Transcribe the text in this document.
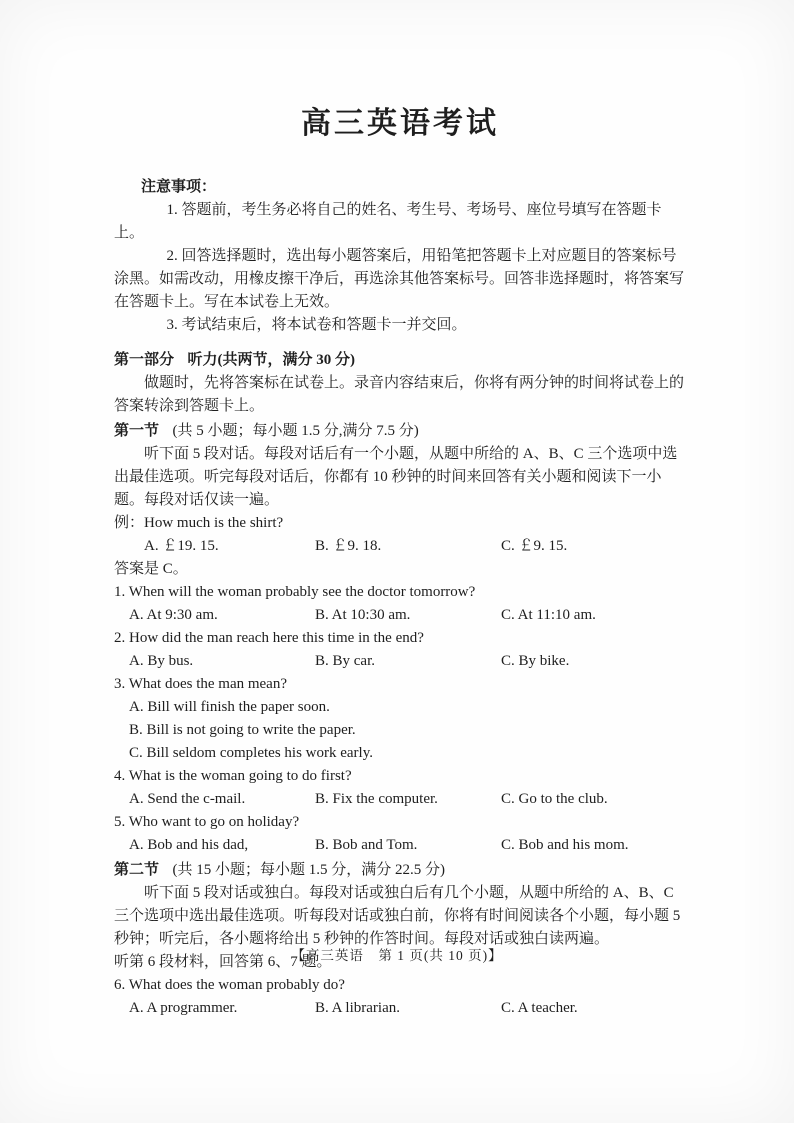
高三英语考试

注意事项：

1. 答题前，考生务必将自己的姓名、考生号、考场号、座位号填写在答题卡上。

2. 回答选择题时，选出每小题答案后，用铅笔把答题卡上对应题目的答案标号涂黑。如需改动，用橡皮擦干净后，再选涂其他答案标号。回答非选择题时，将答案写在答题卡上。写在本试卷上无效。

3. 考试结束后，将本试卷和答题卡一并交回。

第一部分 听力(共两节，满分 30 分)

做题时，先将答案标在试卷上。录音内容结束后，你将有两分钟的时间将试卷上的答案转涂到答题卡上。

第一节 (共 5 小题；每小题 1.5 分,满分 7.5 分)

听下面 5 段对话。每段对话后有一个小题，从题中所给的 A、B、C 三个选项中选出最佳选项。听完每段对话后，你都有 10 秒钟的时间来回答有关小题和阅读下一小题。每段对话仅读一遍。

例：How much is the shirt?

A. ￡19. 15.	B. ￡9. 18.	C. ￡9. 15.

答案是 C。

1. When will the woman probably see the doctor tomorrow?

A. At 9:30 am.	B. At 10:30 am.	C. At 11:10 am.

2. How did the man reach here this time in the end?

A. By bus.	B. By car.	C. By bike.

3. What does the man mean?

A. Bill will finish the paper soon.

B. Bill is not going to write the paper.

C. Bill seldom completes his work early.

4. What is the woman going to do first?

A. Send the c-mail.	B. Fix the computer.	C. Go to the club.

5. Who want to go on holiday?

A. Bob and his dad,	B. Bob and Tom.	C. Bob and his mom.

第二节 (共 15 小题；每小题 1.5 分，满分 22.5 分)

听下面 5 段对话或独白。每段对话或独白后有几个小题，从题中所给的 A、B、C 三个选项中选出最佳选项。听每段对话或独白前，你将有时间阅读各个小题，每小题 5 秒钟；听完后，各小题将给出 5 秒钟的作答时间。每段对话或独白读两遍。

听第 6 段材料，回答第 6、7 题。

6. What does the woman probably do?

A. A programmer.	B. A librarian.	C. A teacher.

【高三英语　第 1 页(共 10 页)】
